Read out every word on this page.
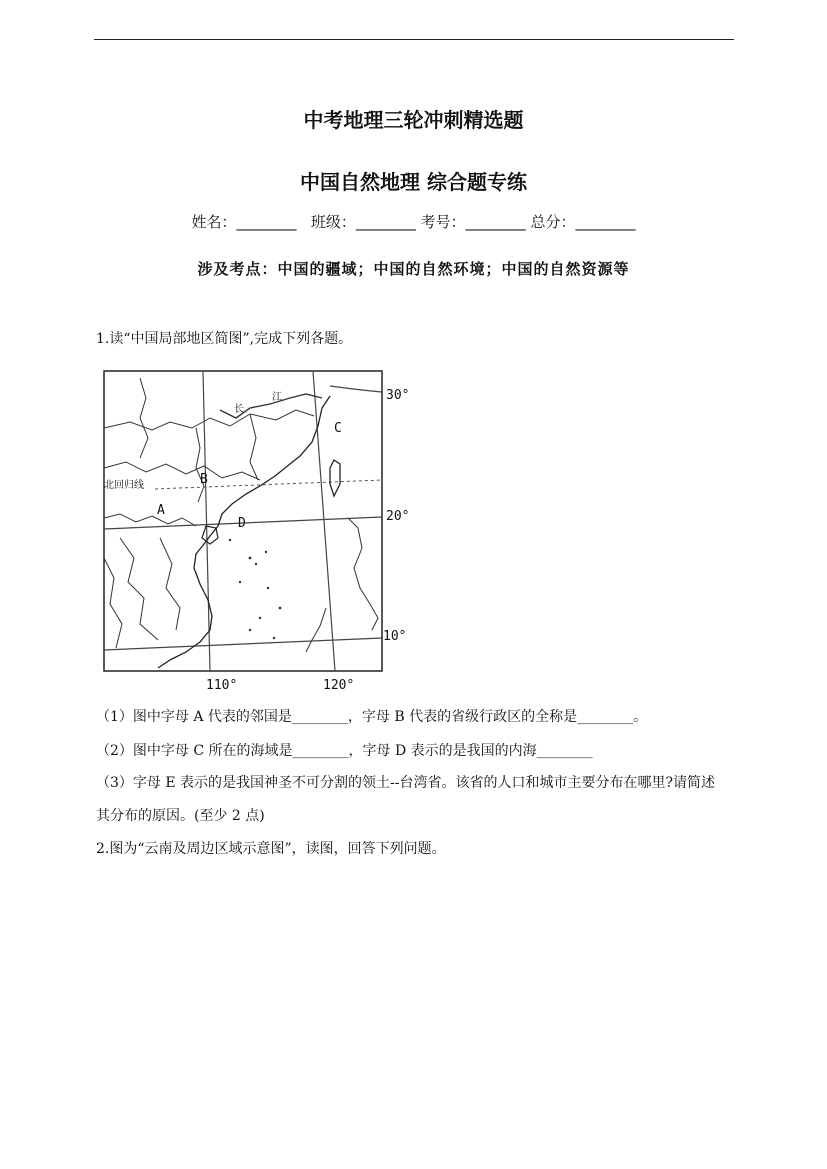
中考地理三轮冲刺精选题
中国自然地理 综合题专练
姓名：________ 班级：________ 考号：________ 总分：________
涉及考点：中国的疆域；中国的自然环境；中国的自然资源等
1.读“中国局部地区简图”,完成下列各题。
30°
20°
10°
110°	120°
北回归线
长
江
A
B
C
D
（1）图中字母 A 代表的邻国是________，字母 B 代表的省级行政区的全称是________。
（2）图中字母 C 所在的海域是________，字母 D 表示的是我国的内海________
（3）字母 E 表示的是我国神圣不可分割的领土--台湾省。该省的人口和城市主要分布在哪里?请简述
其分布的原因。(至少 2 点)
2.图为“云南及周边区域示意图”，读图，回答下列问题。
